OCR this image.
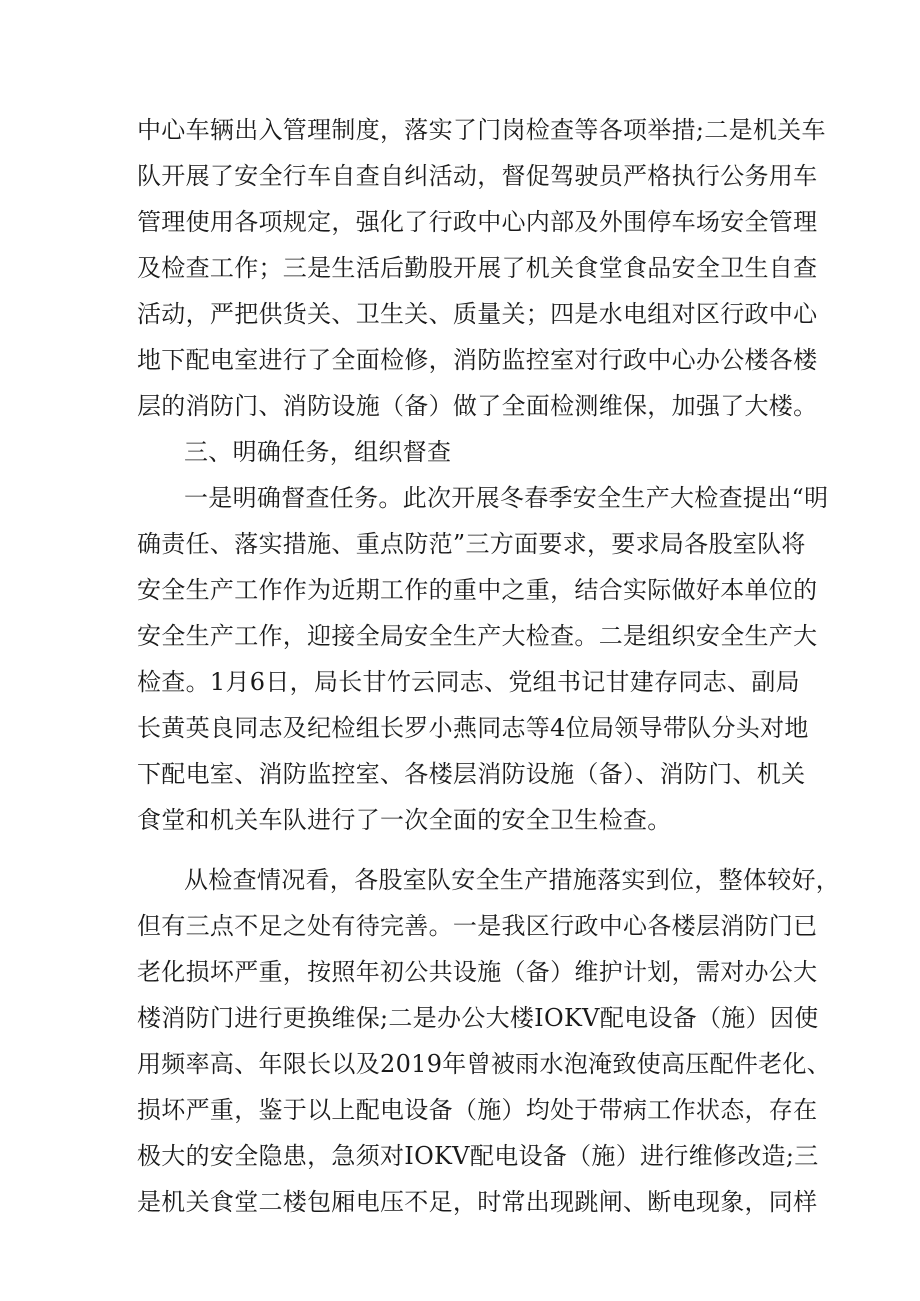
中心车辆出入管理制度，落实了门岗检查等各项举措;二是机关车
队开展了安全行车自查自纠活动，督促驾驶员严格执行公务用车
管理使用各项规定，强化了行政中心内部及外围停车场安全管理
及检查工作；三是生活后勤股开展了机关食堂食品安全卫生自查
活动，严把供货关、卫生关、质量关；四是水电组对区行政中心
地下配电室进行了全面检修，消防监控室对行政中心办公楼各楼
层的消防门、消防设施（备）做了全面检测维保，加强了大楼。
三、明确任务，组织督查
一是明确督查任务。此次开展冬春季安全生产大检查提出“明
确责任、落实措施、重点防范”三方面要求，要求局各股室队将
安全生产工作作为近期工作的重中之重，结合实际做好本单位的
安全生产工作，迎接全局安全生产大检查。二是组织安全生产大
检查。1月6日，局长甘竹云同志、党组书记甘建存同志、副局
长黄英良同志及纪检组长罗小燕同志等4位局领导带队分头对地
下配电室、消防监控室、各楼层消防设施（备）、消防门、机关
食堂和机关车队进行了一次全面的安全卫生检查。
从检查情况看，各股室队安全生产措施落实到位，整体较好，
但有三点不足之处有待完善。一是我区行政中心各楼层消防门已
老化损坏严重，按照年初公共设施（备）维护计划，需对办公大
楼消防门进行更换维保;二是办公大楼IOKV配电设备（施）因使
用频率高、年限长以及2019年曾被雨水泡淹致使高压配件老化、
损坏严重，鉴于以上配电设备（施）均处于带病工作状态，存在
极大的安全隐患，急须对IOKV配电设备（施）进行维修改造;三
是机关食堂二楼包厢电压不足，时常出现跳闸、断电现象，同样
